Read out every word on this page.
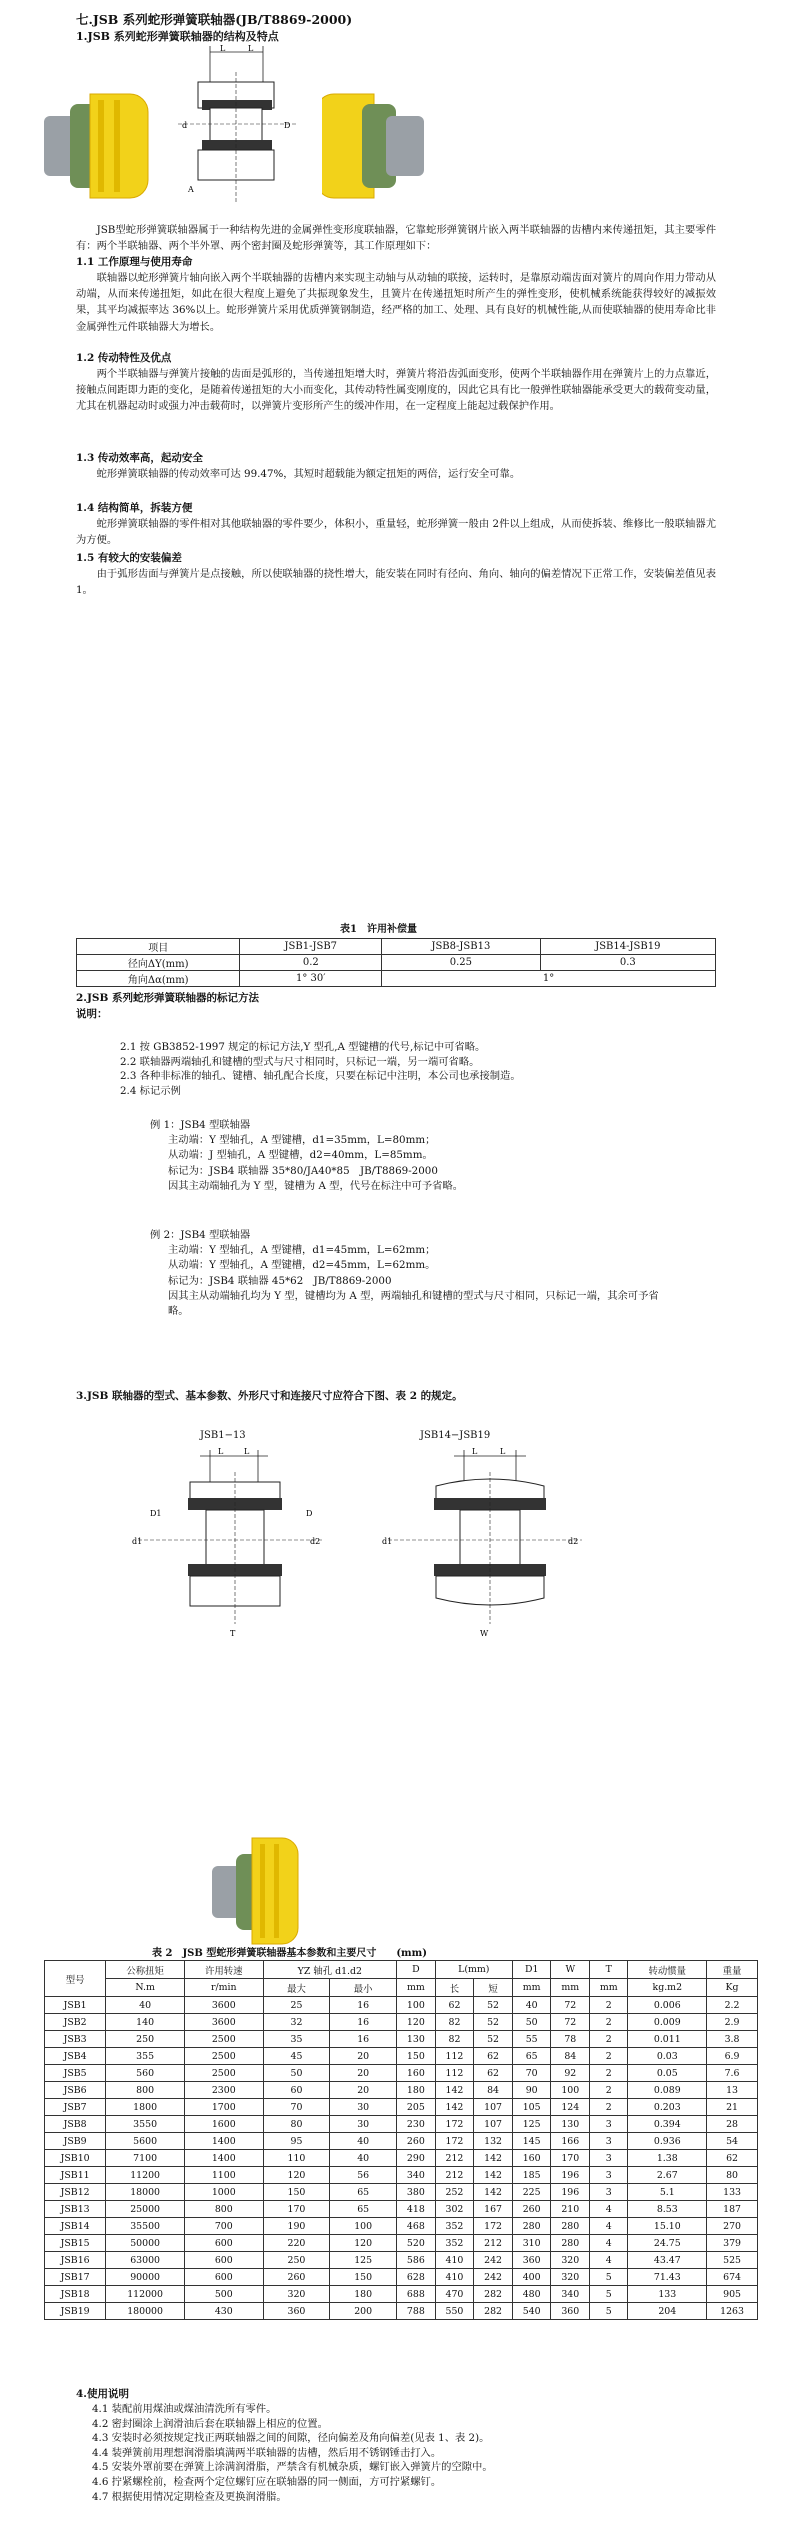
七.JSB 系列蛇形弹簧联轴器(JB/T8869-2000)
1.JSB 系列蛇形弹簧联轴器的结构及特点
L	L
d	D
A
JSB型蛇形弹簧联轴器属于一种结构先进的金属弹性变形度联轴器，它靠蛇形弹簧钢片嵌入两半联轴器的齿槽内来传递扭矩，其主要零件有：两个半联轴器、两个半外罩、两个密封圈及蛇形弹簧等，其工作原理如下：
1.1 工作原理与使用寿命
联轴器以蛇形弹簧片轴向嵌入两个半联轴器的齿槽内来实现主动轴与从动轴的联接，运转时，是靠原动端齿面对簧片的周向作用力带动从动端，从而来传递扭矩，如此在很大程度上避免了共振现象发生，且簧片在传递扭矩时所产生的弹性变形，使机械系统能获得较好的减振效果，其平均减振率达 36%以上。蛇形弹簧片采用优质弹簧钢制造，经严格的加工、处理、具有良好的机械性能,从而使联轴器的使用寿命比非金属弹性元件联轴器大为增长。
1.2 传动特性及优点
两个半联轴器与弹簧片接触的齿面是弧形的，当传递扭矩增大时，弹簧片将沿齿弧面变形，使两个半联轴器作用在弹簧片上的力点靠近，接触点间距即力距的变化，是随着传递扭矩的大小而变化，其传动特性属变刚度的，因此它具有比一般弹性联轴器能承受更大的载荷变动量，尤其在机器起动时或强力冲击载荷时，以弹簧片变形所产生的缓冲作用，在一定程度上能起过载保护作用。
1.3 传动效率高，起动安全
蛇形弹簧联轴器的传动效率可达 99.47%，其短时超载能为额定扭矩的两倍，运行安全可靠。
1.4 结构简单，拆装方便
蛇形弹簧联轴器的零件相对其他联轴器的零件要少，体积小，重量轻，蛇形弹簧一般由 2件以上组成，从而使拆装、维修比一般联轴器尤为方便。
1.5 有较大的安装偏差
由于弧形齿面与弹簧片是点接触，所以使联轴器的挠性增大，能安装在同时有径向、角向、轴向的偏差情况下正常工作，安装偏差值见表 1。
表1　许用补偿量
项目	JSB1-JSB7	JSB8-JSB13	JSB14-JSB19
径向ΔY(mm)	0.2	0.25	0.3
角向Δα(mm)	1° 30′	1°	
2.JSB 系列蛇形弹簧联轴器的标记方法
说明：
2.1 按 GB3852-1997 规定的标记方法,Y 型孔,A 型键槽的代号,标记中可省略。
2.2 联轴器两端轴孔和键槽的型式与尺寸相同时，只标记一端，另一端可省略。
2.3 各种非标准的轴孔、键槽、轴孔配合长度，只要在标记中注明，本公司也承接制造。
2.4 标记示例
例 1：JSB4 型联轴器
主动端：Y 型轴孔，A 型键槽，d1=35mm，L=80mm；
从动端：J 型轴孔，A 型键槽，d2=40mm，L=85mm。
标记为：JSB4 联轴器 35*80/JA40*85　JB/T8869-2000
因其主动端轴孔为 Y 型，键槽为 A 型，代号在标注中可予省略。
例 2：JSB4 型联轴器
主动端：Y 型轴孔，A 型键槽，d1=45mm，L=62mm；
从动端：Y 型轴孔，A 型键槽，d2=45mm，L=62mm。
标记为：JSB4 联轴器 45*62　JB/T8869-2000
因其主从动端轴孔均为 Y 型，键槽均为 A 型，两端轴孔和键槽的型式与尺寸相同，只标记一端，其余可予省略。
3.JSB 联轴器的型式、基本参数、外形尺寸和连接尺寸应符合下图、表 2 的规定。
JSB1−13
L	L
d1
D1
d2
D
T
JSB14−JSB19
L	L
d1	d2
W
表 2　JSB 型蛇形弹簧联轴器基本参数和主要尺寸　　(mm)
型号	公称扭矩	许用转速	YZ 轴孔 d1.d2		D	L(mm)		D1	W	T	转动惯量	重量
	N.m	r/min	最大	最小	mm	长	短	mm	mm	mm	kg.m2	Kg
JSB1	40	3600	25	16	100	62	52	40	72	2	0.006	2.2
JSB2	140	3600	32	16	120	82	52	50	72	2	0.009	2.9
JSB3	250	2500	35	16	130	82	52	55	78	2	0.011	3.8
JSB4	355	2500	45	20	150	112	62	65	84	2	0.03	6.9
JSB5	560	2500	50	20	160	112	62	70	92	2	0.05	7.6
JSB6	800	2300	60	20	180	142	84	90	100	2	0.089	13
JSB7	1800	1700	70	30	205	142	107	105	124	2	0.203	21
JSB8	3550	1600	80	30	230	172	107	125	130	3	0.394	28
JSB9	5600	1400	95	40	260	172	132	145	166	3	0.936	54
JSB10	7100	1400	110	40	290	212	142	160	170	3	1.38	62
JSB11	11200	1100	120	56	340	212	142	185	196	3	2.67	80
JSB12	18000	1000	150	65	380	252	142	225	196	3	5.1	133
JSB13	25000	800	170	65	418	302	167	260	210	4	8.53	187
JSB14	35500	700	190	100	468	352	172	280	280	4	15.10	270
JSB15	50000	600	220	120	520	352	212	310	280	4	24.75	379
JSB16	63000	600	250	125	586	410	242	360	320	4	43.47	525
JSB17	90000	600	260	150	628	410	242	400	320	5	71.43	674
JSB18	112000	500	320	180	688	470	282	480	340	5	133	905
JSB19	180000	430	360	200	788	550	282	540	360	5	204	1263
4.使用说明
4.1 装配前用煤油或煤油清洗所有零件。
4.2 密封圈涂上润滑油后套在联轴器上相应的位置。
4.3 安装时必须按规定找正两联轴器之间的间隙，径向偏差及角向偏差(见表 1、表 2)。
4.4 装弹簧前用理想润滑脂填满两半联轴器的齿槽，然后用不锈钢锤击打入。
4.5 安装外罩前要在弹簧上涂满润滑脂，严禁含有机械杂质，螺钉嵌入弹簧片的空隙中。
4.6 拧紧螺栓前，检查两个定位螺钉应在联轴器的同一侧面，方可拧紧螺钉。
4.7 根据使用情况定期检查及更换润滑脂。
